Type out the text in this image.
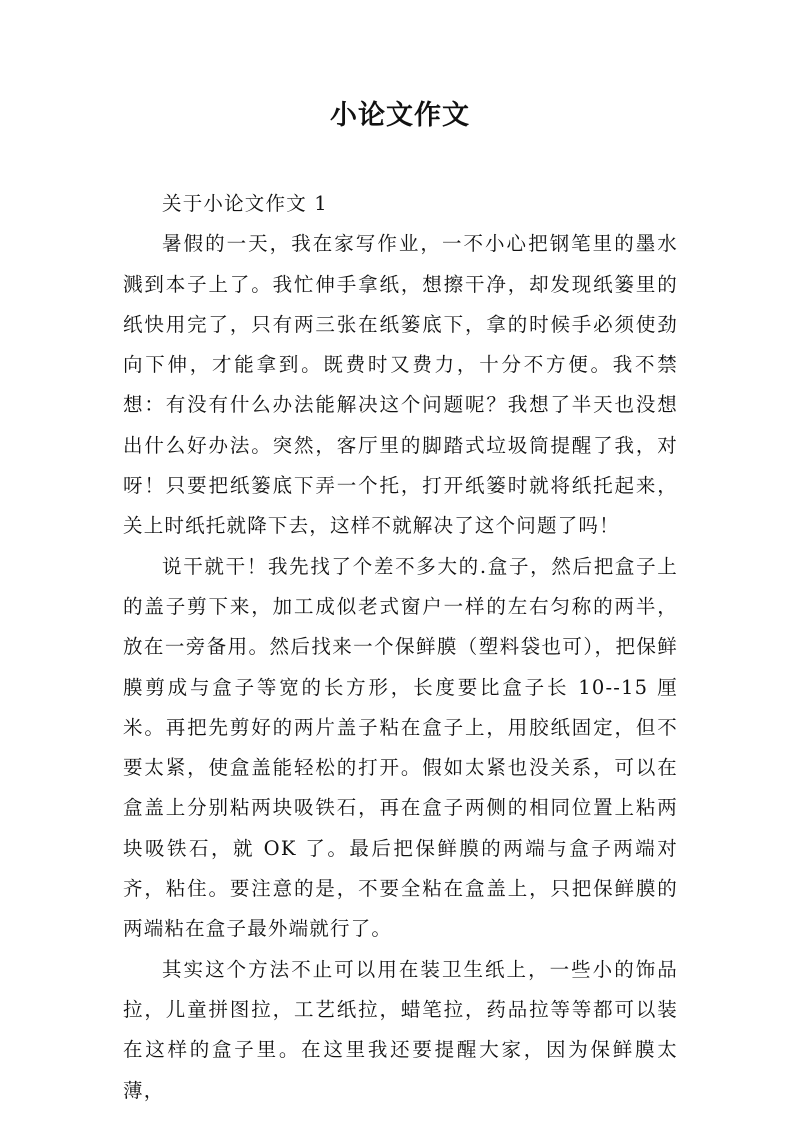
小论文作文

关于小论文作文 1

暑假的一天，我在家写作业，一不小心把钢笔里的墨水溅到本子上了。我忙伸手拿纸，想擦干净，却发现纸篓里的纸快用完了，只有两三张在纸篓底下，拿的时候手必须使劲向下伸，才能拿到。既费时又费力，十分不方便。我不禁想：有没有什么办法能解决这个问题呢？我想了半天也没想出什么好办法。突然，客厅里的脚踏式垃圾筒提醒了我，对呀！只要把纸篓底下弄一个托，打开纸篓时就将纸托起来，关上时纸托就降下去，这样不就解决了这个问题了吗！

说干就干！我先找了个差不多大的.盒子，然后把盒子上的盖子剪下来，加工成似老式窗户一样的左右匀称的两半，放在一旁备用。然后找来一个保鲜膜（塑料袋也可），把保鲜膜剪成与盒子等宽的长方形，长度要比盒子长 10--15 厘米。再把先剪好的两片盖子粘在盒子上，用胶纸固定，但不要太紧，使盒盖能轻松的打开。假如太紧也没关系，可以在盒盖上分别粘两块吸铁石，再在盒子两侧的相同位置上粘两块吸铁石，就 OK 了。最后把保鲜膜的两端与盒子两端对齐，粘住。要注意的是，不要全粘在盒盖上，只把保鲜膜的两端粘在盒子最外端就行了。

其实这个方法不止可以用在装卫生纸上，一些小的饰品拉，儿童拼图拉，工艺纸拉，蜡笔拉，药品拉等等都可以装在这样的盒子里。在这里我还要提醒大家，因为保鲜膜太薄，
